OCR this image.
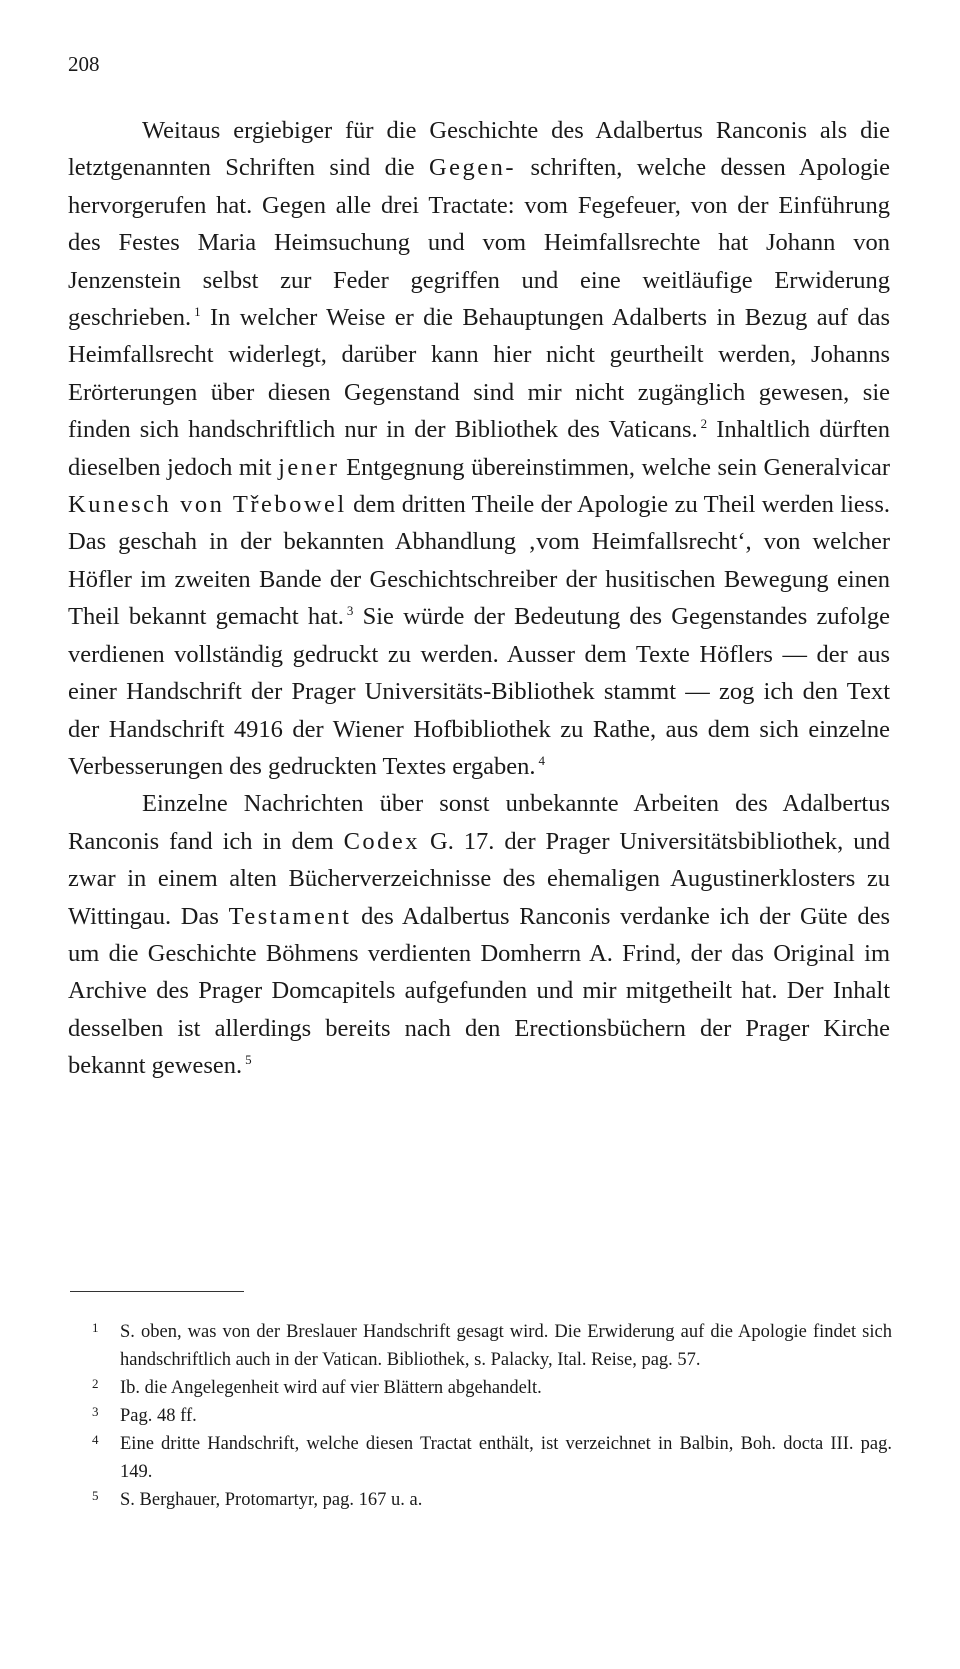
208

Weitaus ergiebiger für die Geschichte des Adalbertus Ranconis als die letztgenannten Schriften sind die Gegen- schriften, welche dessen Apologie hervorgerufen hat. Gegen alle drei Tractate: vom Fegefeuer, von der Einführung des Festes Maria Heimsuchung und vom Heimfallsrechte hat Johann von Jenzenstein selbst zur Feder gegriffen und eine weitläufige Erwiderung geschrieben. $^1$ In welcher Weise er die Behauptungen Adalberts in Bezug auf das Heimfallsrecht widerlegt, darüber kann hier nicht geurtheilt werden, Johanns Erörterungen über diesen Gegenstand sind mir nicht zugänglich gewesen, sie finden sich handschriftlich nur in der Bibliothek des Vaticans. $^2$ Inhaltlich dürften dieselben jedoch mit jener Entgegnung übereinstimmen, welche sein Generalvicar Kunesch von Třebowel dem dritten Theile der Apologie zu Theil werden liess. Das geschah in der bekannten Abhandlung ‚vom Heimfallsrecht‘, von welcher Höfler im zweiten Bande der Geschichtschreiber der husitischen Bewegung einen Theil bekannt gemacht hat. $^3$ Sie würde der Bedeutung des Gegenstandes zufolge verdienen vollständig gedruckt zu werden. Ausser dem Texte Höflers — der aus einer Handschrift der Prager Universitäts-Bibliothek stammt — zog ich den Text der Handschrift 4916 der Wiener Hofbibliothek zu Rathe, aus dem sich einzelne Verbesserungen des gedruckten Textes ergaben. $^4$

Einzelne Nachrichten über sonst unbekannte Arbeiten des Adalbertus Ranconis fand ich in dem Codex G. 17. der Prager Universitätsbibliothek, und zwar in einem alten Bücherverzeichnisse des ehemaligen Augustinerklosters zu Wittingau. Das Testament des Adalbertus Ranconis verdanke ich der Güte des um die Geschichte Böhmens verdienten Domherrn A. Frind, der das Original im Archive des Prager Domcapitels aufgefunden und mir mitgetheilt hat. Der Inhalt desselben ist allerdings bereits nach den Erectionsbüchern der Prager Kirche bekannt gewesen. $^5$

1 S. oben, was von der Breslauer Handschrift gesagt wird. Die Erwiderung auf die Apologie findet sich handschriftlich auch in der Vatican. Bibliothek, s. Palacky, Ital. Reise, pag. 57.
2 Ib. die Angelegenheit wird auf vier Blättern abgehandelt.
3 Pag. 48 ff.
4 Eine dritte Handschrift, welche diesen Tractat enthält, ist verzeichnet in Balbin, Boh. docta III. pag. 149.
5 S. Berghauer, Protomartyr, pag. 167 u. a.
